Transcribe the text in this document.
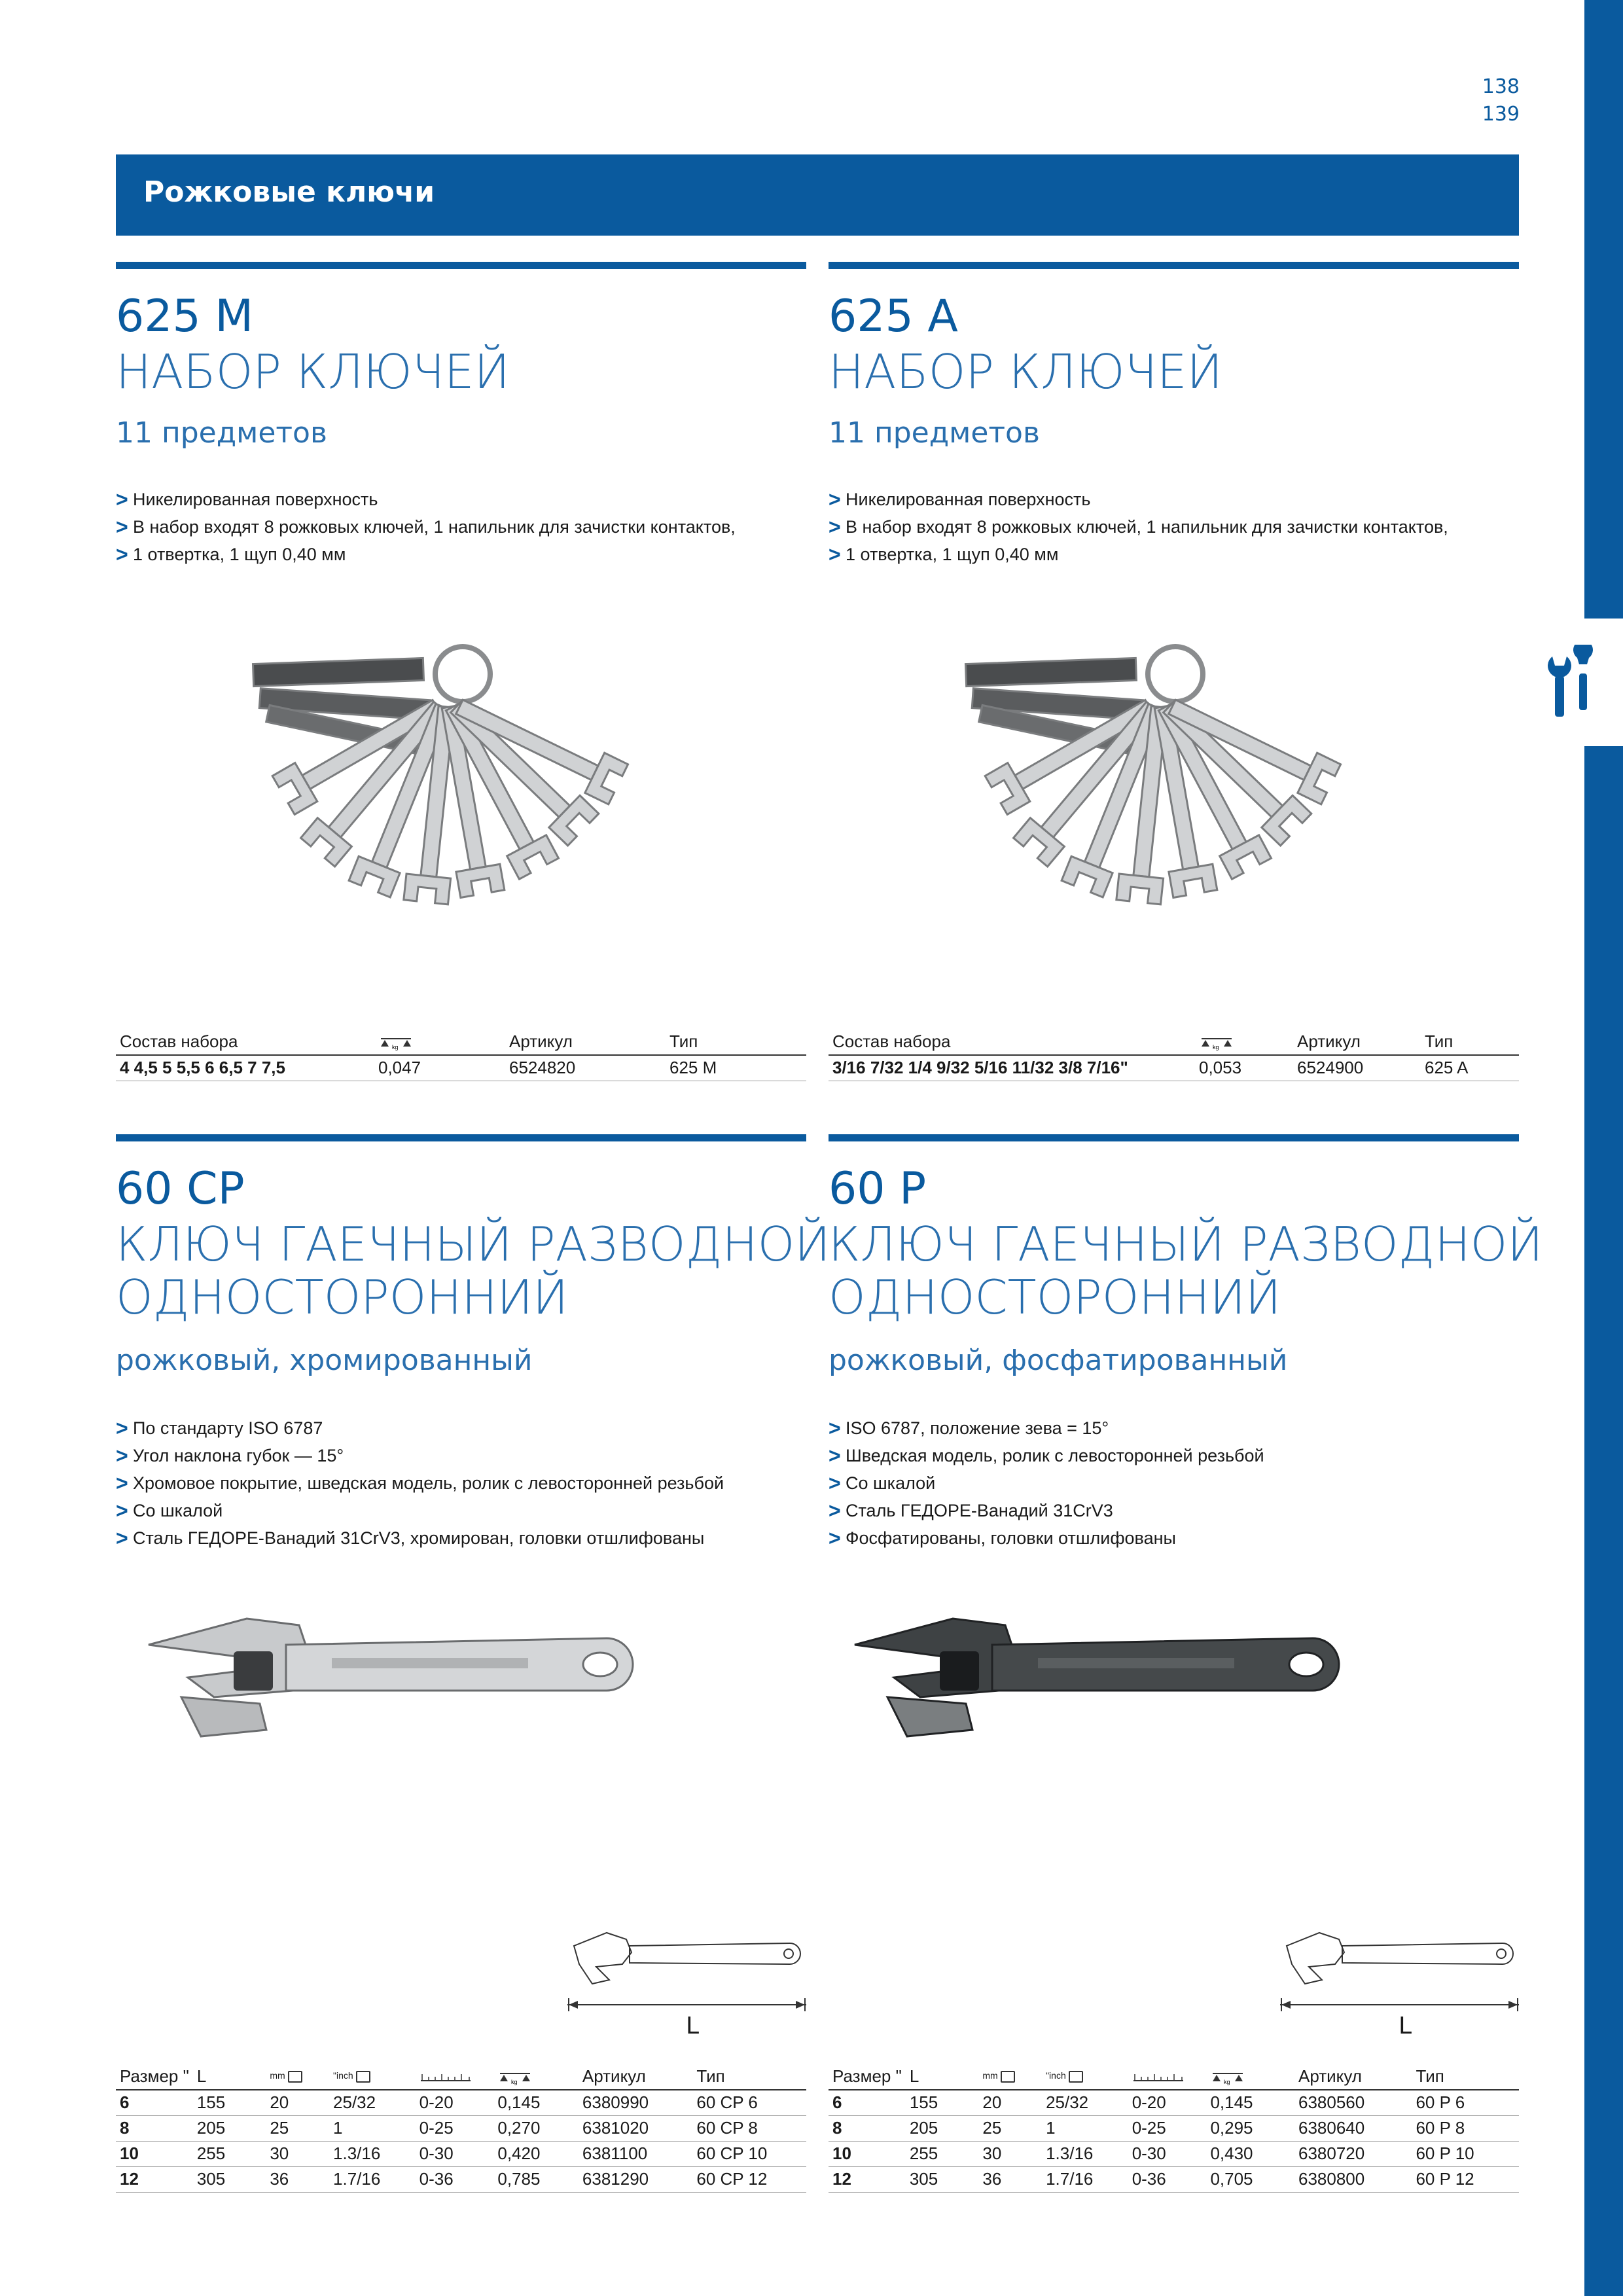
138
139
Рожковые ключи
625 M
НАБОР КЛЮЧЕЙ
11 предметов
> Никелированная поверхность
> В набор входят 8 рожковых ключей, 1 напильник для зачистки контактов,
> 1 отвертка, 1 щуп 0,40 мм
Состав набора	kg	Артикул	Тип
4 4,5 5 5,5 6 6,5 7 7,5	0,047	6524820	625 M
625 A
НАБОР КЛЮЧЕЙ
11 предметов
> Никелированная поверхность
> В набор входят 8 рожковых ключей, 1 напильник для зачистки контактов,
> 1 отвертка, 1 щуп 0,40 мм
Состав набора	kg	Артикул	Тип
3/16 7/32 1/4 9/32 5/16 11/32 3/8 7/16"	0,053	6524900	625 A
60 CP
КЛЮЧ ГАЕЧНЫЙ РАЗВОДНОЙ
ОДНОСТОРОННИЙ
рожковый, хромированный
> По стандарту ISO 6787
> Угол наклона губок — 15°
> Хромовое покрытие, шведская модель, ролик с левосторонней резьбой
> Со шкалой
> Сталь ГЕДОРЕ-Ванадий 31CrV3, хромирован, головки отшлифованы
L
Размер "	L	mm	"inch		kg	Артикул	Тип
6	155	20	25/32	0-20	0,145	6380990	60 CP 6
8	205	25	1	0-25	0,270	6381020	60 CP 8
10	255	30	1.3/16	0-30	0,420	6381100	60 CP 10
12	305	36	1.7/16	0-36	0,785	6381290	60 CP 12
60 P
КЛЮЧ ГАЕЧНЫЙ РАЗВОДНОЙ
ОДНОСТОРОННИЙ
рожковый, фосфатированный
> ISO 6787, положение зева = 15°
> Шведская модель, ролик с левосторонней резьбой
> Со шкалой
> Сталь ГЕДОРЕ-Ванадий 31CrV3
> Фосфатированы, головки отшлифованы
L
Размер "	L	mm	"inch		kg	Артикул	Тип
6	155	20	25/32	0-20	0,145	6380560	60 P 6
8	205	25	1	0-25	0,295	6380640	60 P 8
10	255	30	1.3/16	0-30	0,430	6380720	60 P 10
12	305	36	1.7/16	0-36	0,705	6380800	60 P 12
